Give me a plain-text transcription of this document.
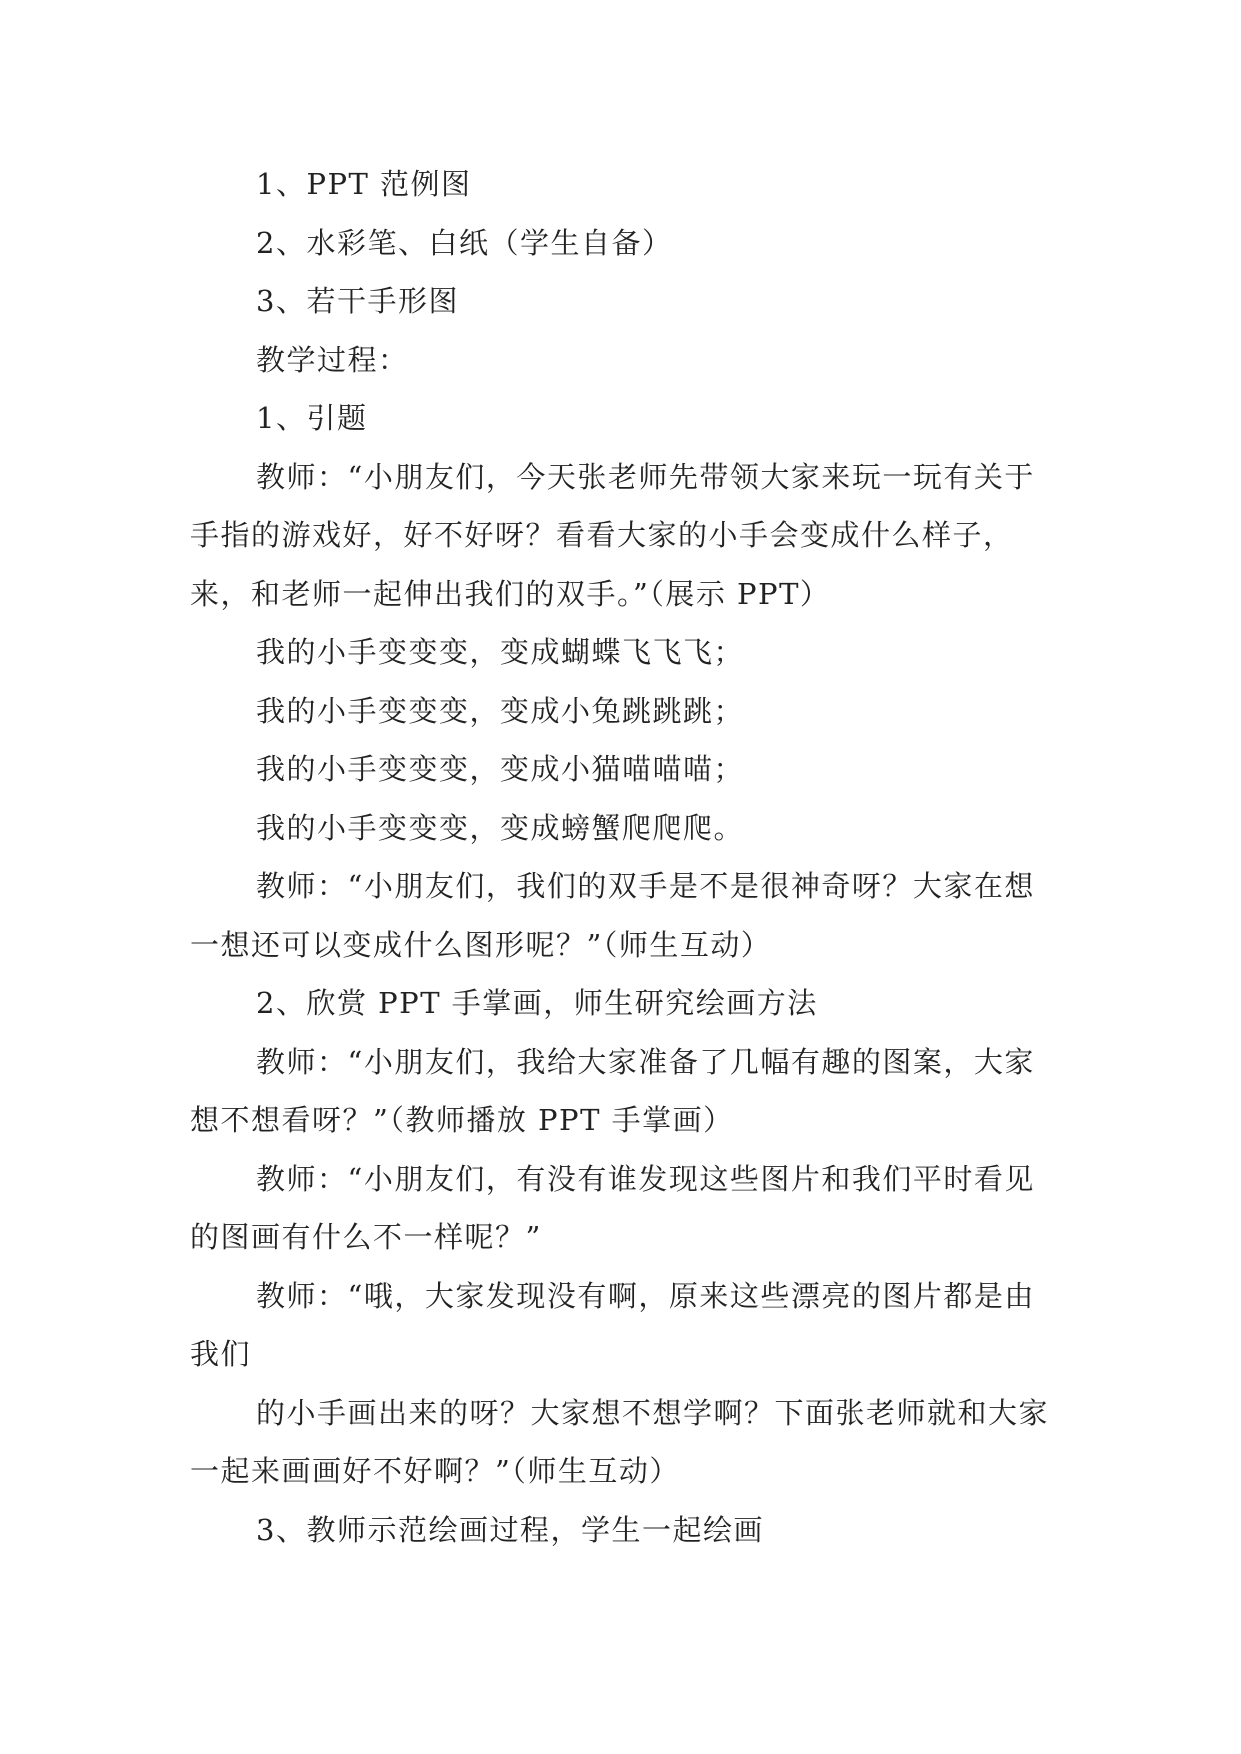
1、PPT 范例图

2、水彩笔、白纸（学生自备）

3、若干手形图

教学过程：

1、引题

教师：“小朋友们，今天张老师先带领大家来玩一玩有关于手指的游戏好，好不好呀？看看大家的小手会变成什么样子，来，和老师一起伸出我们的双手。”（展示 PPT）

我的小手变变变，变成蝴蝶飞飞飞；

我的小手变变变，变成小兔跳跳跳；

我的小手变变变，变成小猫喵喵喵；

我的小手变变变，变成螃蟹爬爬爬。

教师：“小朋友们，我们的双手是不是很神奇呀？大家在想一想还可以变成什么图形呢？”（师生互动）

2、欣赏 PPT 手掌画，师生研究绘画方法

教师：“小朋友们，我给大家准备了几幅有趣的图案，大家想不想看呀？”（教师播放 PPT 手掌画）

教师：“小朋友们，有没有谁发现这些图片和我们平时看见的图画有什么不一样呢？”

教师：“哦，大家发现没有啊，原来这些漂亮的图片都是由我们

的小手画出来的呀？大家想不想学啊？下面张老师就和大家一起来画画好不好啊？”（师生互动）

3、教师示范绘画过程，学生一起绘画
